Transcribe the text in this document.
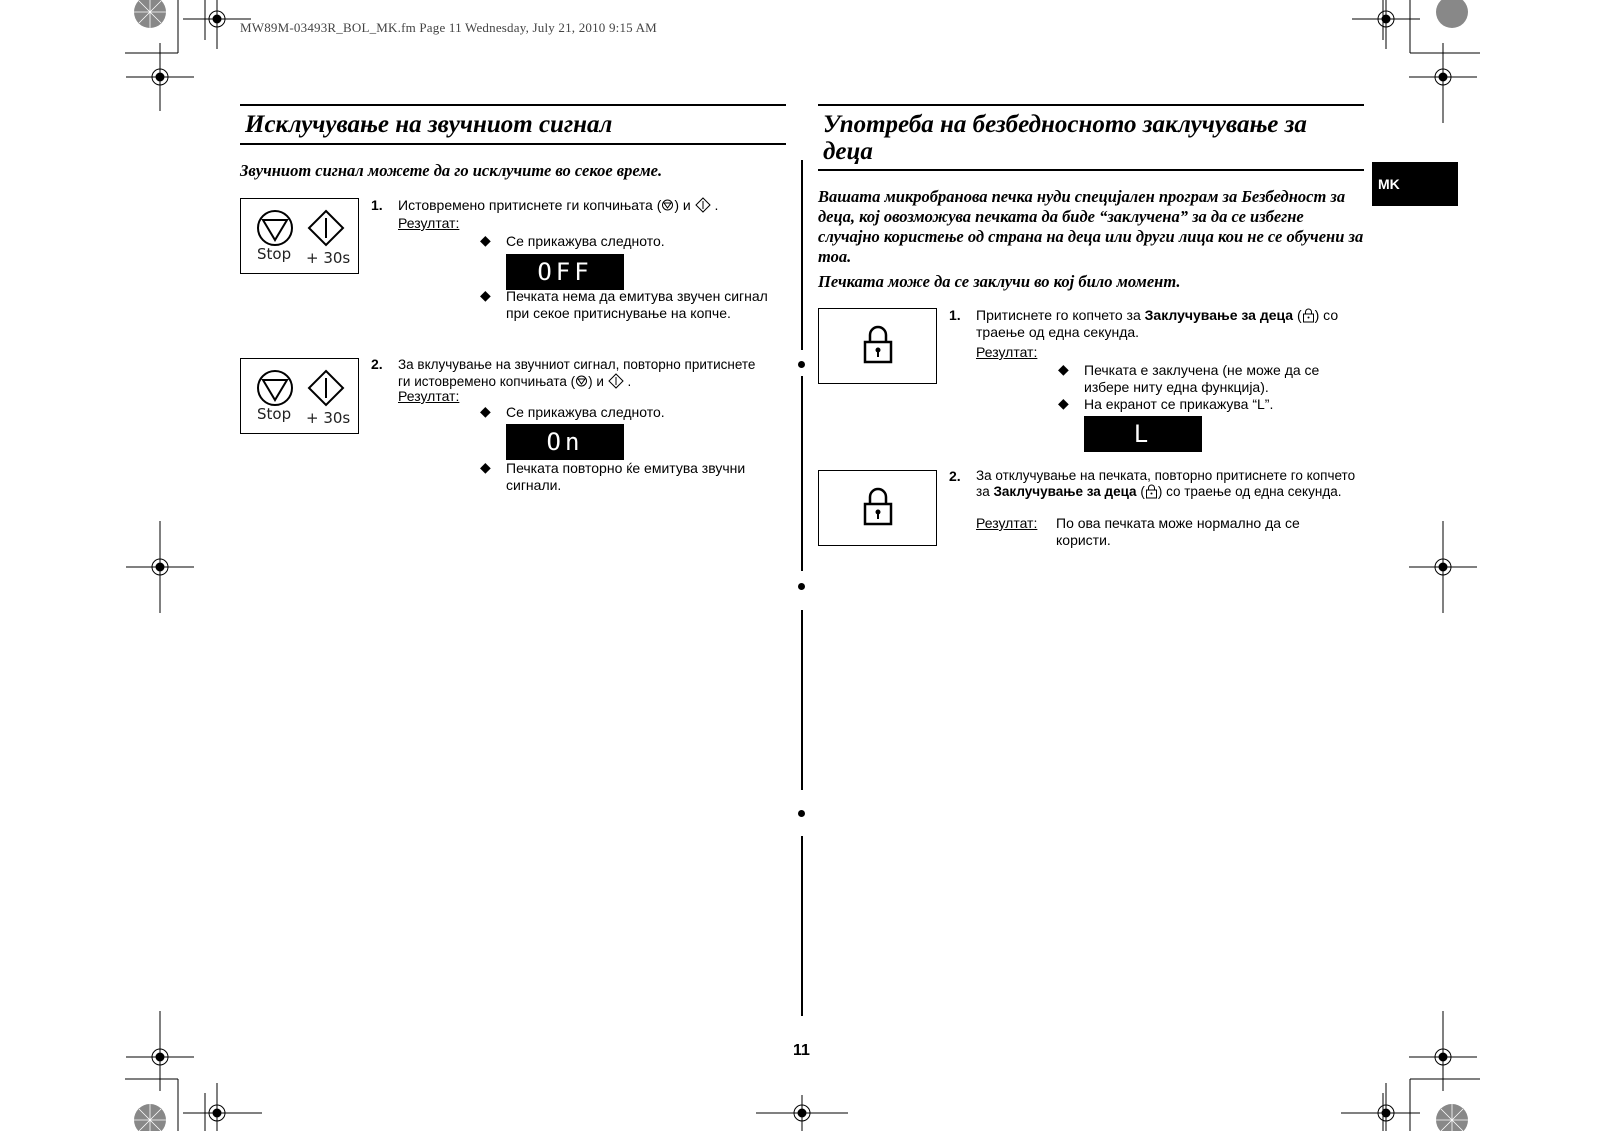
MW89M-03493R_BOL_MK.fm Page 11 Wednesday, July 21, 2010 9:15 AM
MK
Исклучување на звучниот сигнал
Звучниот сигнал можете да го исклучите во секое време.
Stop + 30s
1. Истовремено притиснете ги копчињата ( ) и .
Резултат:
◆ Се прикажува следното.
OFF
◆ Печката нема да емитува звучен сигнал при секое притиснување на копче.
Stop + 30s
2. За вклучување на звучниот сигнал, повторно притиснете
ги истовремено копчињата ( ) и .
Резултат:
◆ Се прикажува следното.
On
◆ Печката повторно ќе емитува звучни сигнали.
Употреба на безбедносното заклучување за деца
Вашата микробранова печка нуди специјален програм за Безбедност за деца, кој овозможува печката да биде “заклучена” за да се избегне случајно користење од страна на деца или други лица кои не се обучени за тоа.
Печката може да се заклучи во кој било момент.
1. Притиснете го копчето за Заклучување за деца ( ) со траење од една секунда.
Резултат:
◆ Печката е заклучена (не може да се избере ниту една функција).
◆ На екранот се прикажува “L”.
L
2. За отклучување на печката, повторно притиснете го копчето за Заклучување за деца ( ) со траење од една секунда.
Резултат: По ова печката може нормално да се користи.
11
